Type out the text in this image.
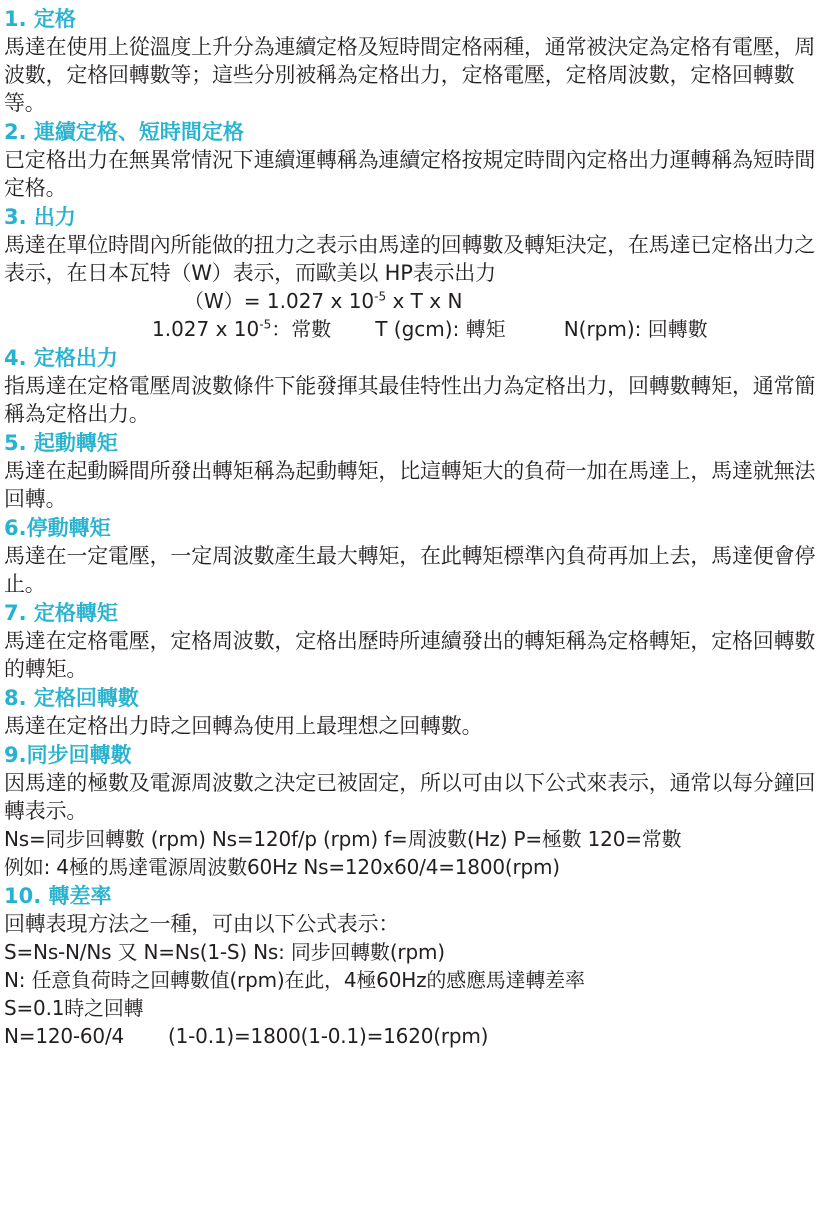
1. 定格
馬達在使用上從溫度上升分為連續定格及短時間定格兩種，通常被決定為定格有電壓，周波數，定格回轉數等；這些分別被稱為定格出力，定格電壓，定格周波數，定格回轉數等。
2. 連續定格、短時間定格
已定格出力在無異常情況下連續運轉稱為連續定格按規定時間內定格出力運轉稱為短時間定格。
3. 出力
馬達在單位時間內所能做的扭力之表示由馬達的回轉數及轉矩決定，在馬達已定格出力之表示，在日本瓦特（W）表示，而歐美以 HP表示出力
（W）= 1.027 x $10^{-5}$ x T x N
1.027 x $10^{-5}$：常數 T (gcm): 轉矩	N(rpm): 回轉數
4. 定格出力
指馬達在定格電壓周波數條件下能發揮其最佳特性出力為定格出力，回轉數轉矩，通常簡稱為定格出力。
5. 起動轉矩
馬達在起動瞬間所發出轉矩稱為起動轉矩，比這轉矩大的負荷一加在馬達上，馬達就無法回轉。
6.停動轉矩
馬達在一定電壓，一定周波數產生最大轉矩，在此轉矩標準內負荷再加上去，馬達便會停止。
7. 定格轉矩
馬達在定格電壓，定格周波數，定格出歷時所連續發出的轉矩稱為定格轉矩，定格回轉數的轉矩。
8. 定格回轉數
馬達在定格出力時之回轉為使用上最理想之回轉數。
9.同步回轉數
因馬達的極數及電源周波數之決定已被固定，所以可由以下公式來表示，通常以每分鐘回轉表示。
Ns=同步回轉數 (rpm) Ns=120f/p (rpm) f=周波數(Hz) P=極數 120=常數
例如: 4極的馬達電源周波數60Hz Ns=120x60/4=1800(rpm)
10. 轉差率
回轉表現方法之一種，可由以下公式表示：
S=Ns-N/Ns 又 N=Ns(1-S) Ns: 同步回轉數(rpm)
N: 任意負荷時之回轉數值(rpm)在此，4極60Hz的感應馬達轉差率
S=0.1時之回轉
N=120-60/4 (1-0.1)=1800(1-0.1)=1620(rpm)
